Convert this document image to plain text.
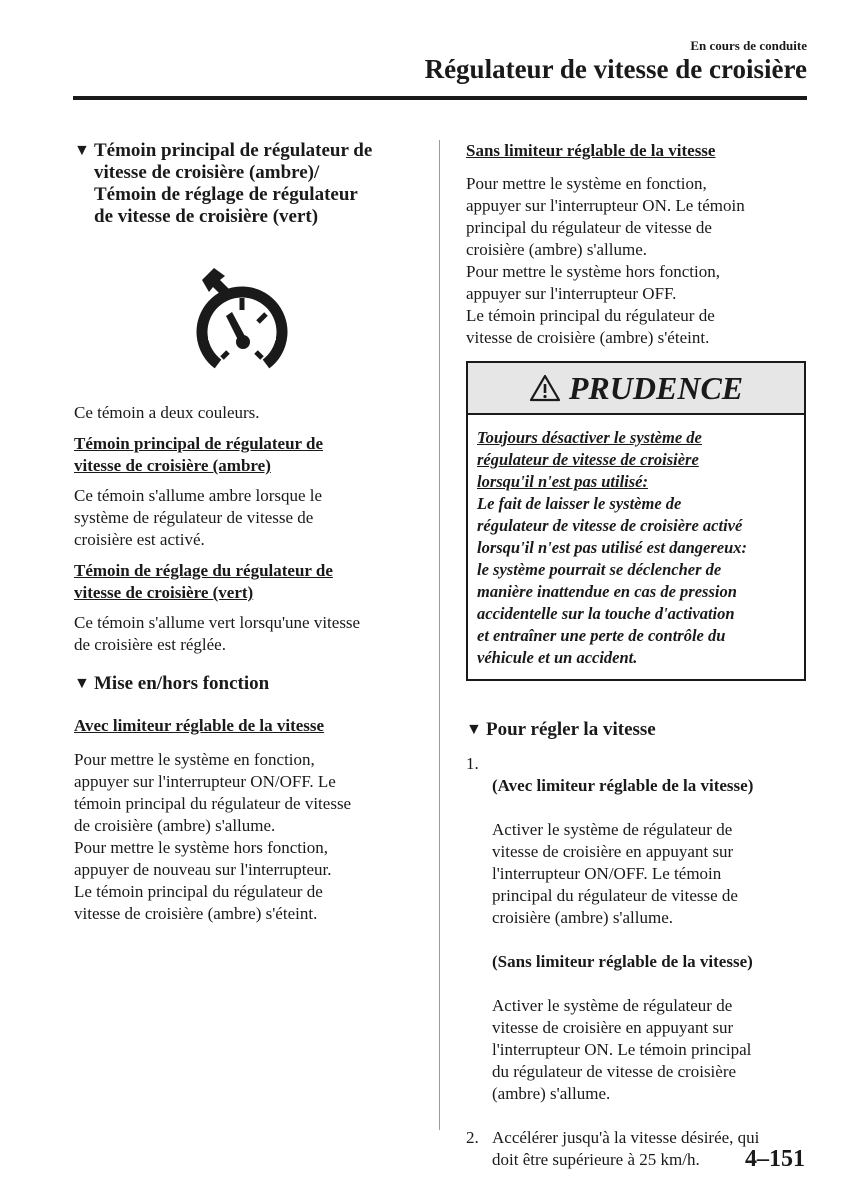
En cours de conduite
Régulateur de vitesse de croisière
▼ Témoin principal de régulateur de
vitesse de croisière (ambre)/
Témoin de réglage de régulateur
de vitesse de croisière (vert)
Ce témoin a deux couleurs.
Témoin principal de régulateur de
vitesse de croisière (ambre)
Ce témoin s'allume ambre lorsque le
système de régulateur de vitesse de
croisière est activé.
Témoin de réglage du régulateur de
vitesse de croisière (vert)
Ce témoin s'allume vert lorsqu'une vitesse
de croisière est réglée.
▼ Mise en/hors fonction
Avec limiteur réglable de la vitesse
Pour mettre le système en fonction,
appuyer sur l'interrupteur ON/OFF. Le
témoin principal du régulateur de vitesse
de croisière (ambre) s'allume.
Pour mettre le système hors fonction,
appuyer de nouveau sur l'interrupteur.
Le témoin principal du régulateur de
vitesse de croisière (ambre) s'éteint.
Sans limiteur réglable de la vitesse
Pour mettre le système en fonction,
appuyer sur l'interrupteur ON. Le témoin
principal du régulateur de vitesse de
croisière (ambre) s'allume.
Pour mettre le système hors fonction,
appuyer sur l'interrupteur OFF.
Le témoin principal du régulateur de
vitesse de croisière (ambre) s'éteint.
PRUDENCE
Toujours désactiver le système de
régulateur de vitesse de croisière
lorsqu'il n'est pas utilisé:
Le fait de laisser le système de
régulateur de vitesse de croisière activé
lorsqu'il n'est pas utilisé est dangereux:
le système pourrait se déclencher de
manière inattendue en cas de pression
accidentelle sur la touche d'activation
et entraîner une perte de contrôle du
véhicule et un accident.
▼ Pour régler la vitesse
1.

(Avec limiteur réglable de la vitesse)

Activer le système de régulateur de
vitesse de croisière en appuyant sur
l'interrupteur ON/OFF. Le témoin
principal du régulateur de vitesse de
croisière (ambre) s'allume.

(Sans limiteur réglable de la vitesse)

Activer le système de régulateur de
vitesse de croisière en appuyant sur
l'interrupteur ON. Le témoin principal
du régulateur de vitesse de croisière
(ambre) s'allume.

2. Accélérer jusqu'à la vitesse désirée, qui
doit être supérieure à 25 km/h.	4–151
